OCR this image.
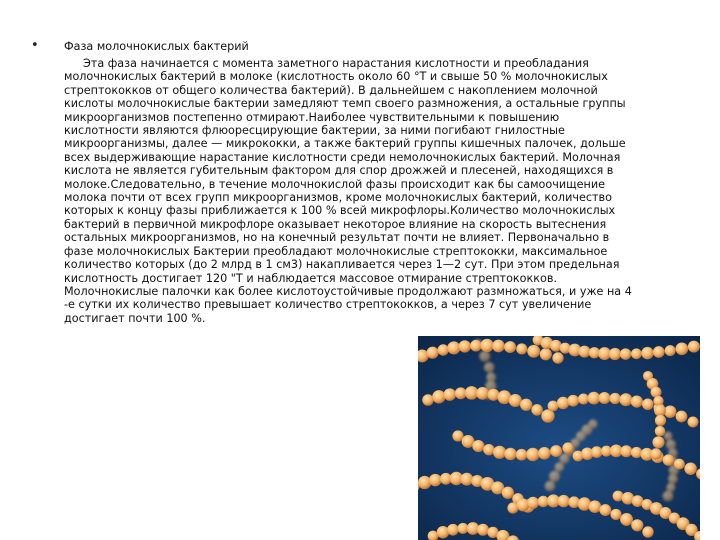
• Фаза молочнокислых бактерий
Эта фаза начинается с момента заметного нарастания кислотности и преобладания
молочнокислых бактерий в молоке (кислотность около 60 °Т и свыше 50 % молочнокислых
стрептококков от общего количества бактерий). В дальнейшем с накоплением молочной
кислоты молочнокислые бактерии замедляют темп своего размножения, а остальные группы
микроорганизмов постепенно отмирают.Наиболее чувствительными к повышению
кислотности являются флюоресцирующие бактерии, за ними погибают гнилостные
микроорганизмы, далее — микрококки, а также бактерий группы кишечных палочек, дольше
всех выдерживающие нарастание кислотности среди немолочнокислых бактерий. Молочная
кислота не является губительным фактором для спор дрожжей и плесеней, находящихся в
молоке.Следовательно, в течение молочнокислой фазы происходит как бы самоочищение
молока почти от всех групп микроорганизмов, кроме молочнокислых бактерий, количество
которых к концу фазы приближается к 100 % всей микрофлоры.Количество молочнокислых
бактерий в первичной микрофлоре оказывает некоторое влияние на скорость вытеснения
остальных микроорганизмов, но на конечный результат почти не влияет. Первоначально в
фазе молочнокислых Бактерии преобладают молочнокислые стрептококки, максимальное
количество которых (до 2 млрд в 1 см3) накапливается через 1—2 сут. При этом предельная
кислотность достигает 120 "Т и наблюдается массовое отмирание стрептококков.
Молочнокислые палочки как более кислотоустойчивые продолжают размножаться, и уже на 4
-е сутки их количество превышает количество стрептококков, а через 7 сут увеличение
достигает почти 100 %.
